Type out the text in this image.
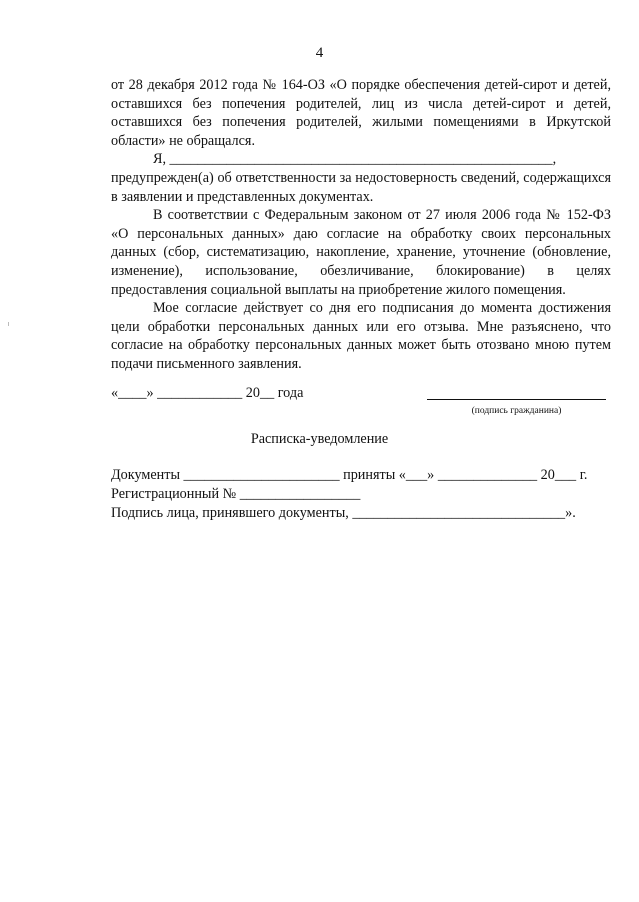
4

от 28 декабря 2012 года № 164-ОЗ «О порядке обеспечения детей-сирот и детей, оставшихся без попечения родителей, лиц из числа детей-сирот и детей, оставшихся без попечения родителей, жилыми помещениями в Иркутской области» не обращался.

Я, ______________________________________________________,

предупрежден(а) об ответственности за недостоверность сведений, содержащихся в заявлении и представленных документах.

В соответствии с Федеральным законом от 27 июля 2006 года № 152-ФЗ «О персональных данных» даю согласие на обработку своих персональных данных (сбор, систематизацию, накопление, хранение, уточнение (обновление, изменение), использование, обезличивание, блокирование) в целях предоставления социальной выплаты на приобретение жилого помещения.

Мое согласие действует со дня его подписания до момента достижения цели обработки персональных данных или его отзыва. Мне разъяснено, что согласие на обработку персональных данных может быть отозвано мною путем подачи письменного заявления.

«____» ____________ 20__ года
(подпись гражданина)
Расписка-уведомление
Документы ______________________ приняты «___» ______________ 20___ г.
Регистрационный № _________________
Подпись лица, принявшего документы, ______________________________».
